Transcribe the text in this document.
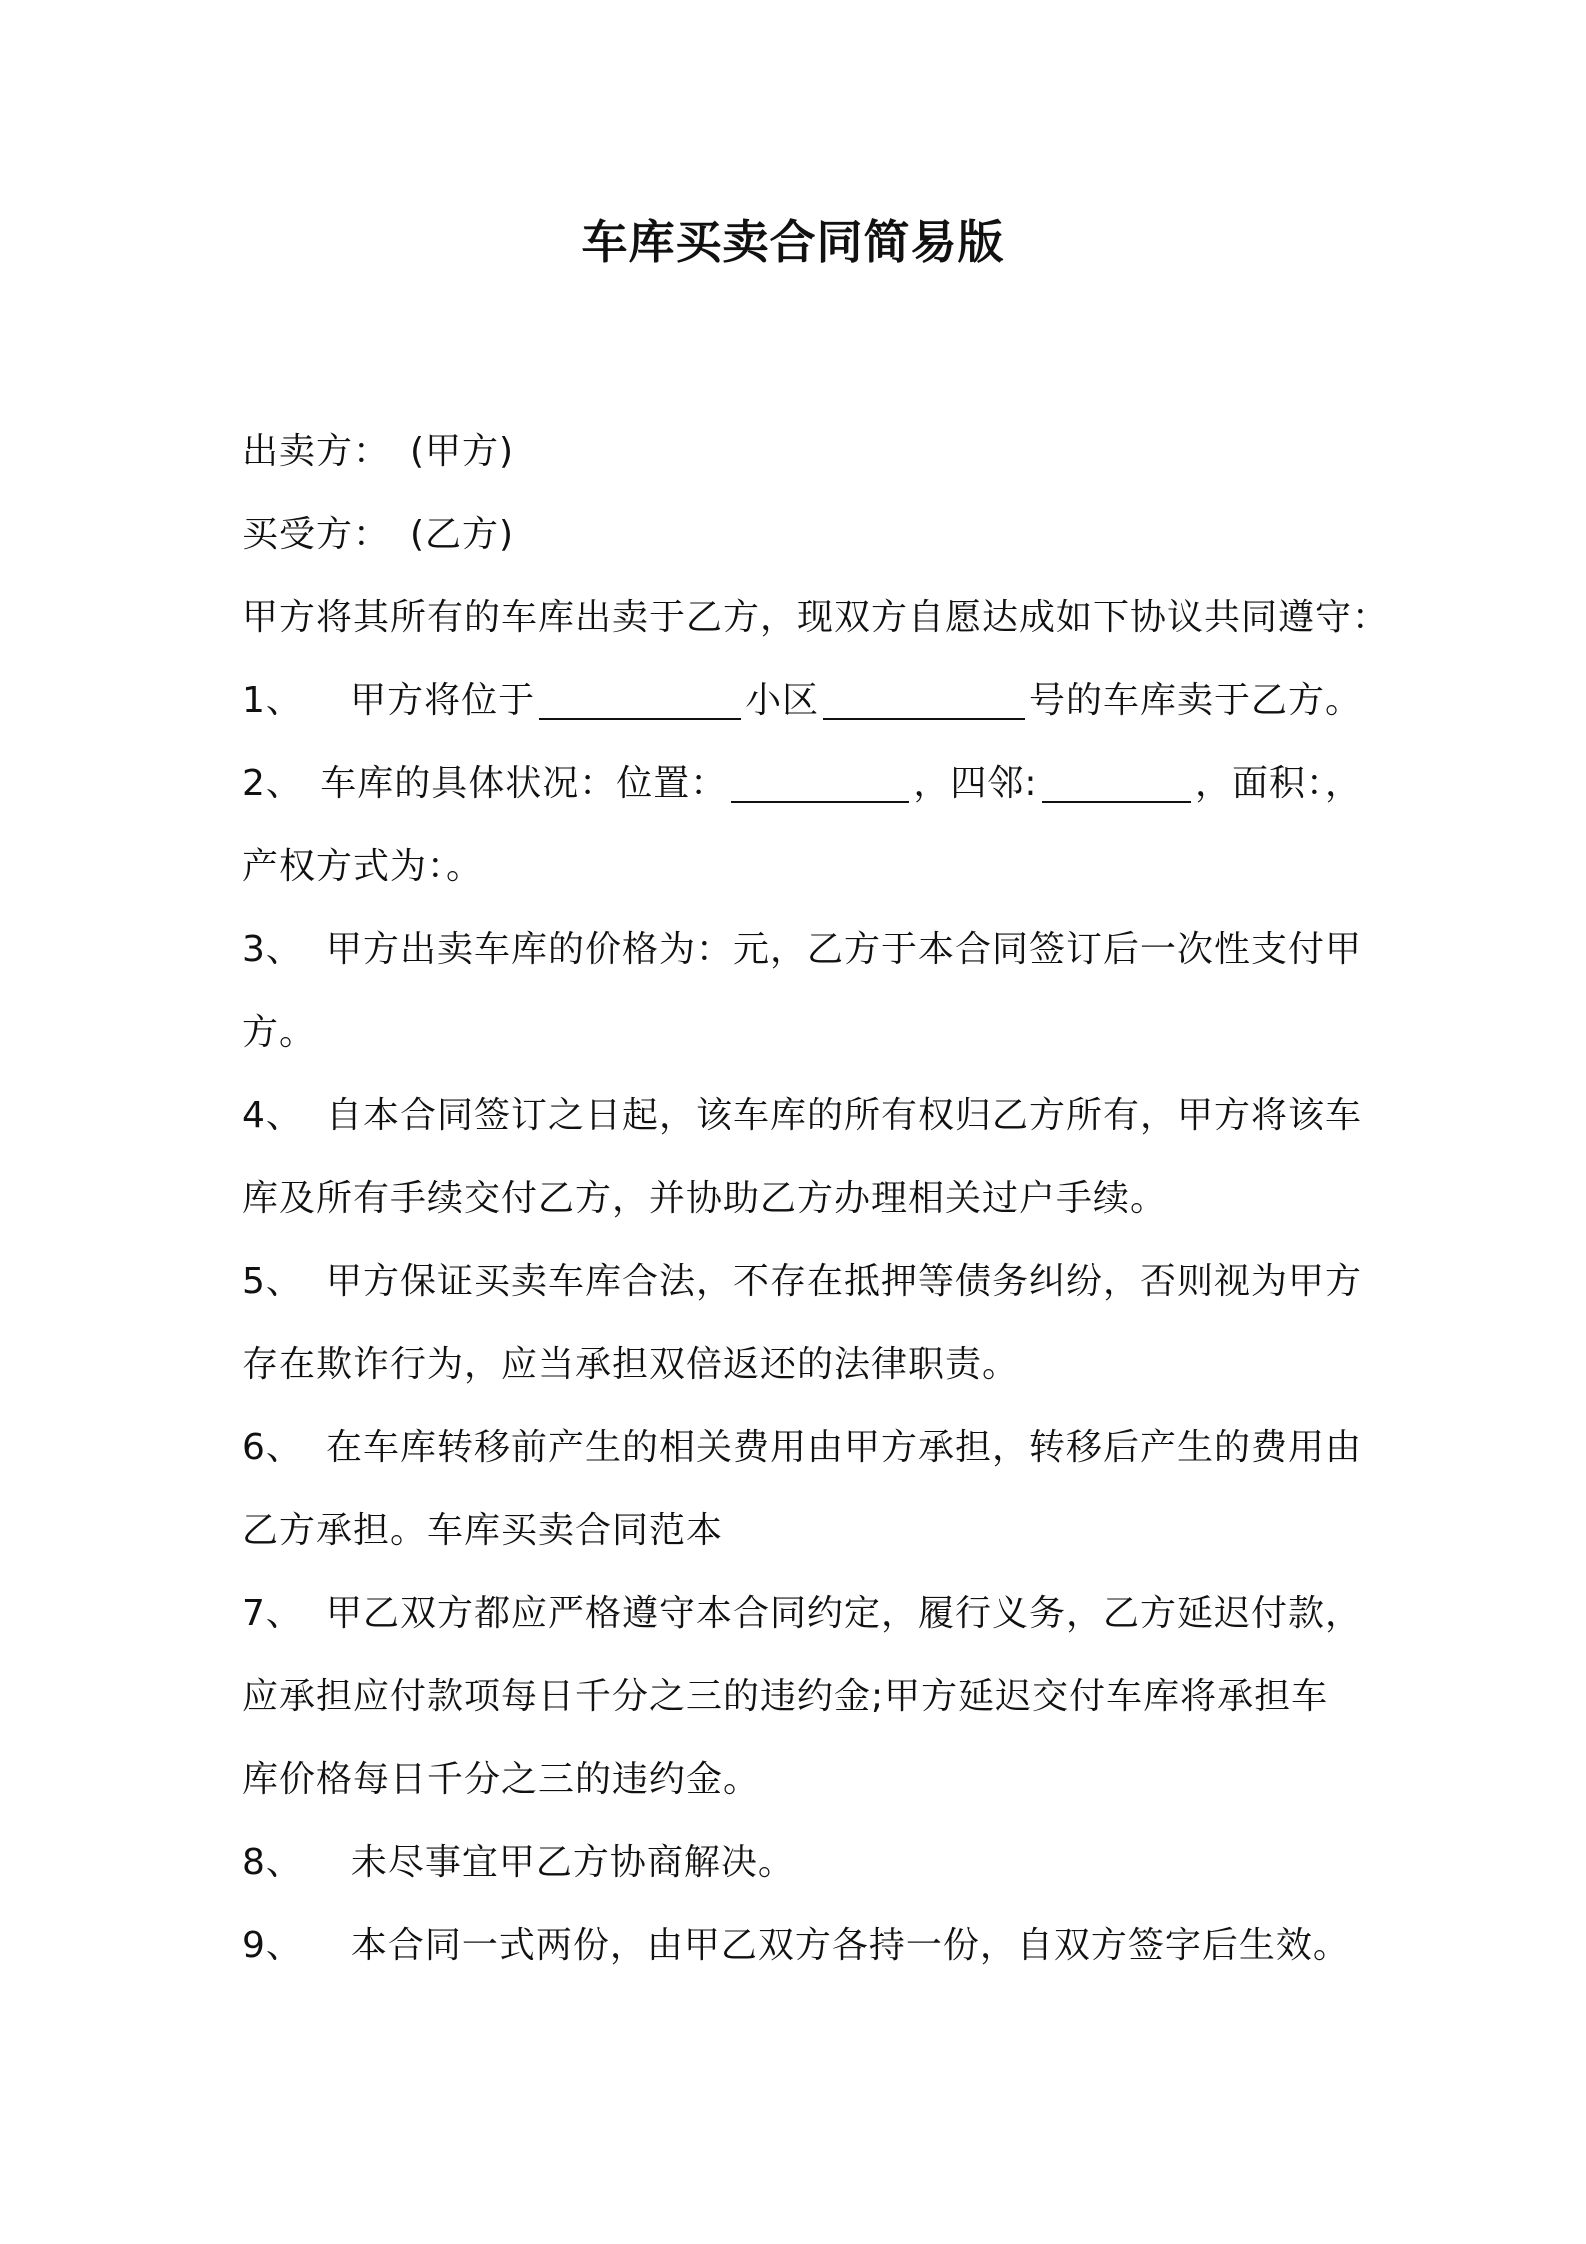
车库买卖合同简易版
出卖方： (甲方)
买受方： (乙方)
甲方将其所有的车库出卖于乙方，现双方自愿达成如下协议共同遵守：
1、 甲方将位于	小区	号的车库卖于乙方。
2、 车库的具体状况：位置：	，四邻:	，面积：，
产权方式为：。
3、 甲方出卖车库的价格为：元，乙方于本合同签订后一次性支付甲
方。
4、 自本合同签订之日起，该车库的所有权归乙方所有，甲方将该车
库及所有手续交付乙方，并协助乙方办理相关过户手续。
5、 甲方保证买卖车库合法，不存在抵押等债务纠纷，否则视为甲方
存在欺诈行为，应当承担双倍返还的法律职责。
6、 在车库转移前产生的相关费用由甲方承担，转移后产生的费用由
乙方承担。车库买卖合同范本
7、 甲乙双方都应严格遵守本合同约定，履行义务，乙方延迟付款，
应承担应付款项每日千分之三的违约金;甲方延迟交付车库将承担车
库价格每日千分之三的违约金。
8、 未尽事宜甲乙方协商解决。
9、 本合同一式两份，由甲乙双方各持一份，自双方签字后生效。
